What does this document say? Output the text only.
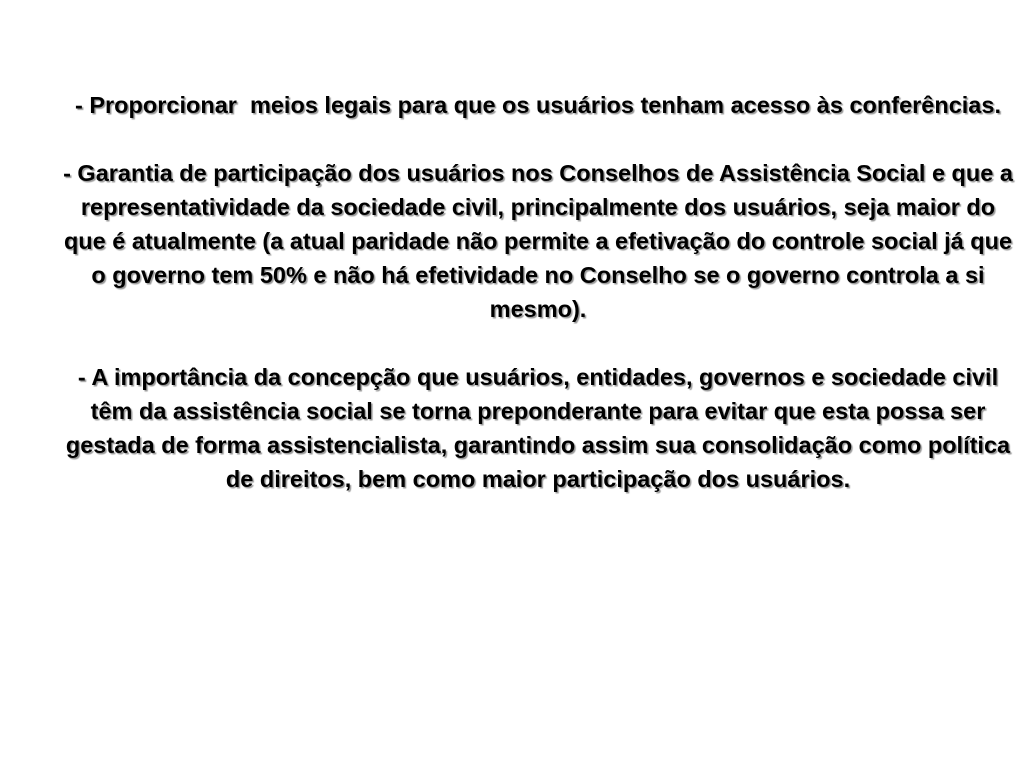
- Proporcionar  meios legais para que os usuários tenham acesso às conferências.

- Garantia de participação dos usuários nos Conselhos de Assistência Social e que a representatividade da sociedade civil, principalmente dos usuários, seja maior do que é atualmente (a atual paridade não permite a efetivação do controle social já que o governo tem 50% e não há efetividade no Conselho se o governo controla a si mesmo).

- A importância da concepção que usuários, entidades, governos e sociedade civil têm da assistência social se torna preponderante para evitar que esta possa ser gestada de forma assistencialista, garantindo assim sua consolidação como política de direitos, bem como maior participação dos usuários.
